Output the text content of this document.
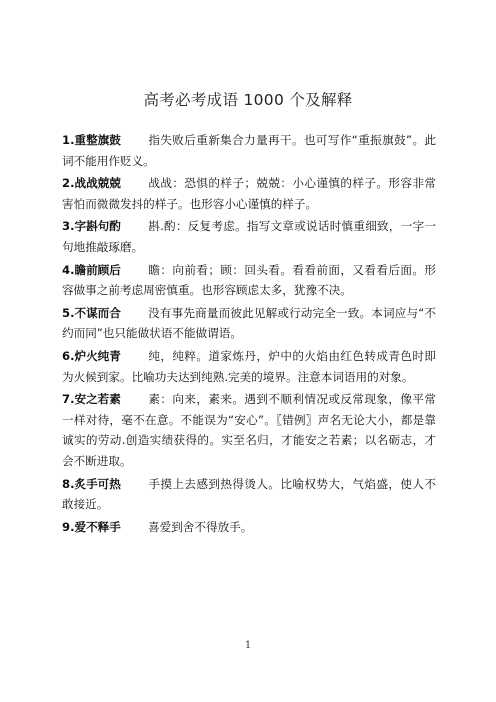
高考必考成语 1000 个及解释

1.重整旗鼓 指失败后重新集合力量再干。也可写作“重振旗鼓”。此词不能用作贬义。

2.战战兢兢 战战：恐惧的样子；兢兢：小心谨慎的样子。形容非常害怕而微微发抖的样子。也形容小心谨慎的样子。

3.字斟句酌 斟.酌：反复考虑。指写文章或说话时慎重细致，一字一句地推敲琢磨。

4.瞻前顾后 瞻：向前看；顾：回头看。看看前面，又看看后面。形容做事之前考虑周密慎重。也形容顾虑太多，犹豫不决。

5.不谋而合 没有事先商量而彼此见解或行动完全一致。本词应与“不约而同”也只能做状语不能做谓语。

6.炉火纯青 纯，纯粹。道家炼丹，炉中的火焰由红色转成青色时即为火候到家。比喻功夫达到纯熟.完美的境界。注意本词语用的对象。

7.安之若素 素：向来，素来。遇到不顺利情况或反常现象，像平常一样对待，毫不在意。不能误为“安心”。〖错例〗声名无论大小，都是靠诚实的劳动.创造实绩获得的。实至名归，才能安之若素；以名砺志，才会不断进取。

8.炙手可热 手摸上去感到热得烫人。比喻权势大，气焰盛，使人不敢接近。

9.爱不释手 喜爱到舍不得放手。

1
